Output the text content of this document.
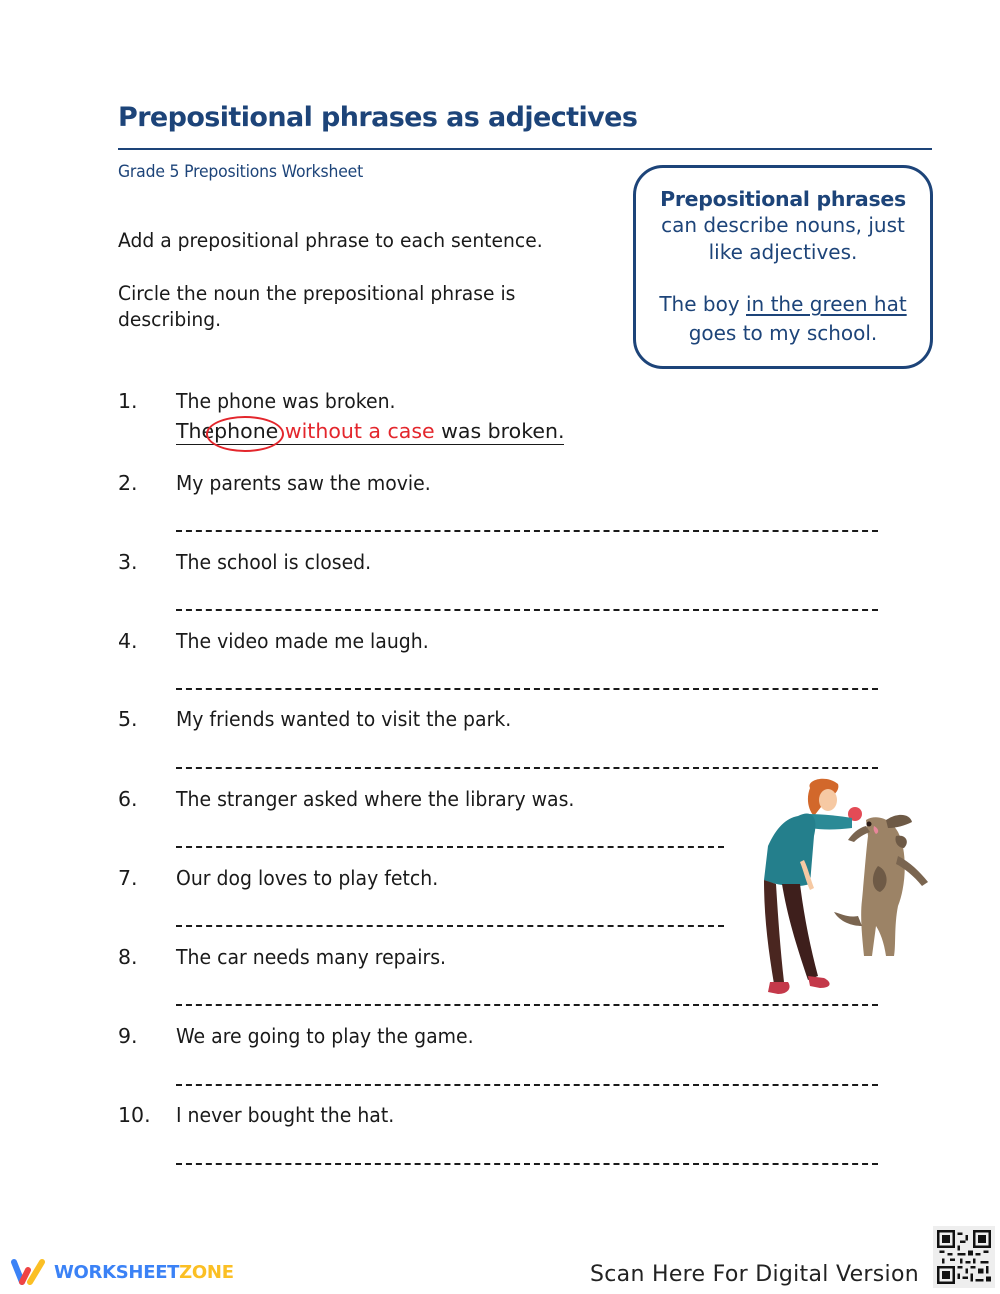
Prepositional phrases as adjectives
Grade 5 Prepositions Worksheet

Add a prepositional phrase to each sentence.

Circle the noun the prepositional phrase is describing.

Prepositional phrases
can describe nouns, just like adjectives.
The boy in the green hat goes to my school.
1. The phone was broken.
Thephone without a case was broken.
2. My parents saw the movie.
3. The school is closed.
4. The video made me laugh.
5. My friends wanted to visit the park.
6. The stranger asked where the library was.
7. Our dog loves to play fetch.
8. The car needs many repairs.
9. We are going to play the game.
10. I never bought the hat.
WORKSHEETZONE	Scan Here For Digital Version
